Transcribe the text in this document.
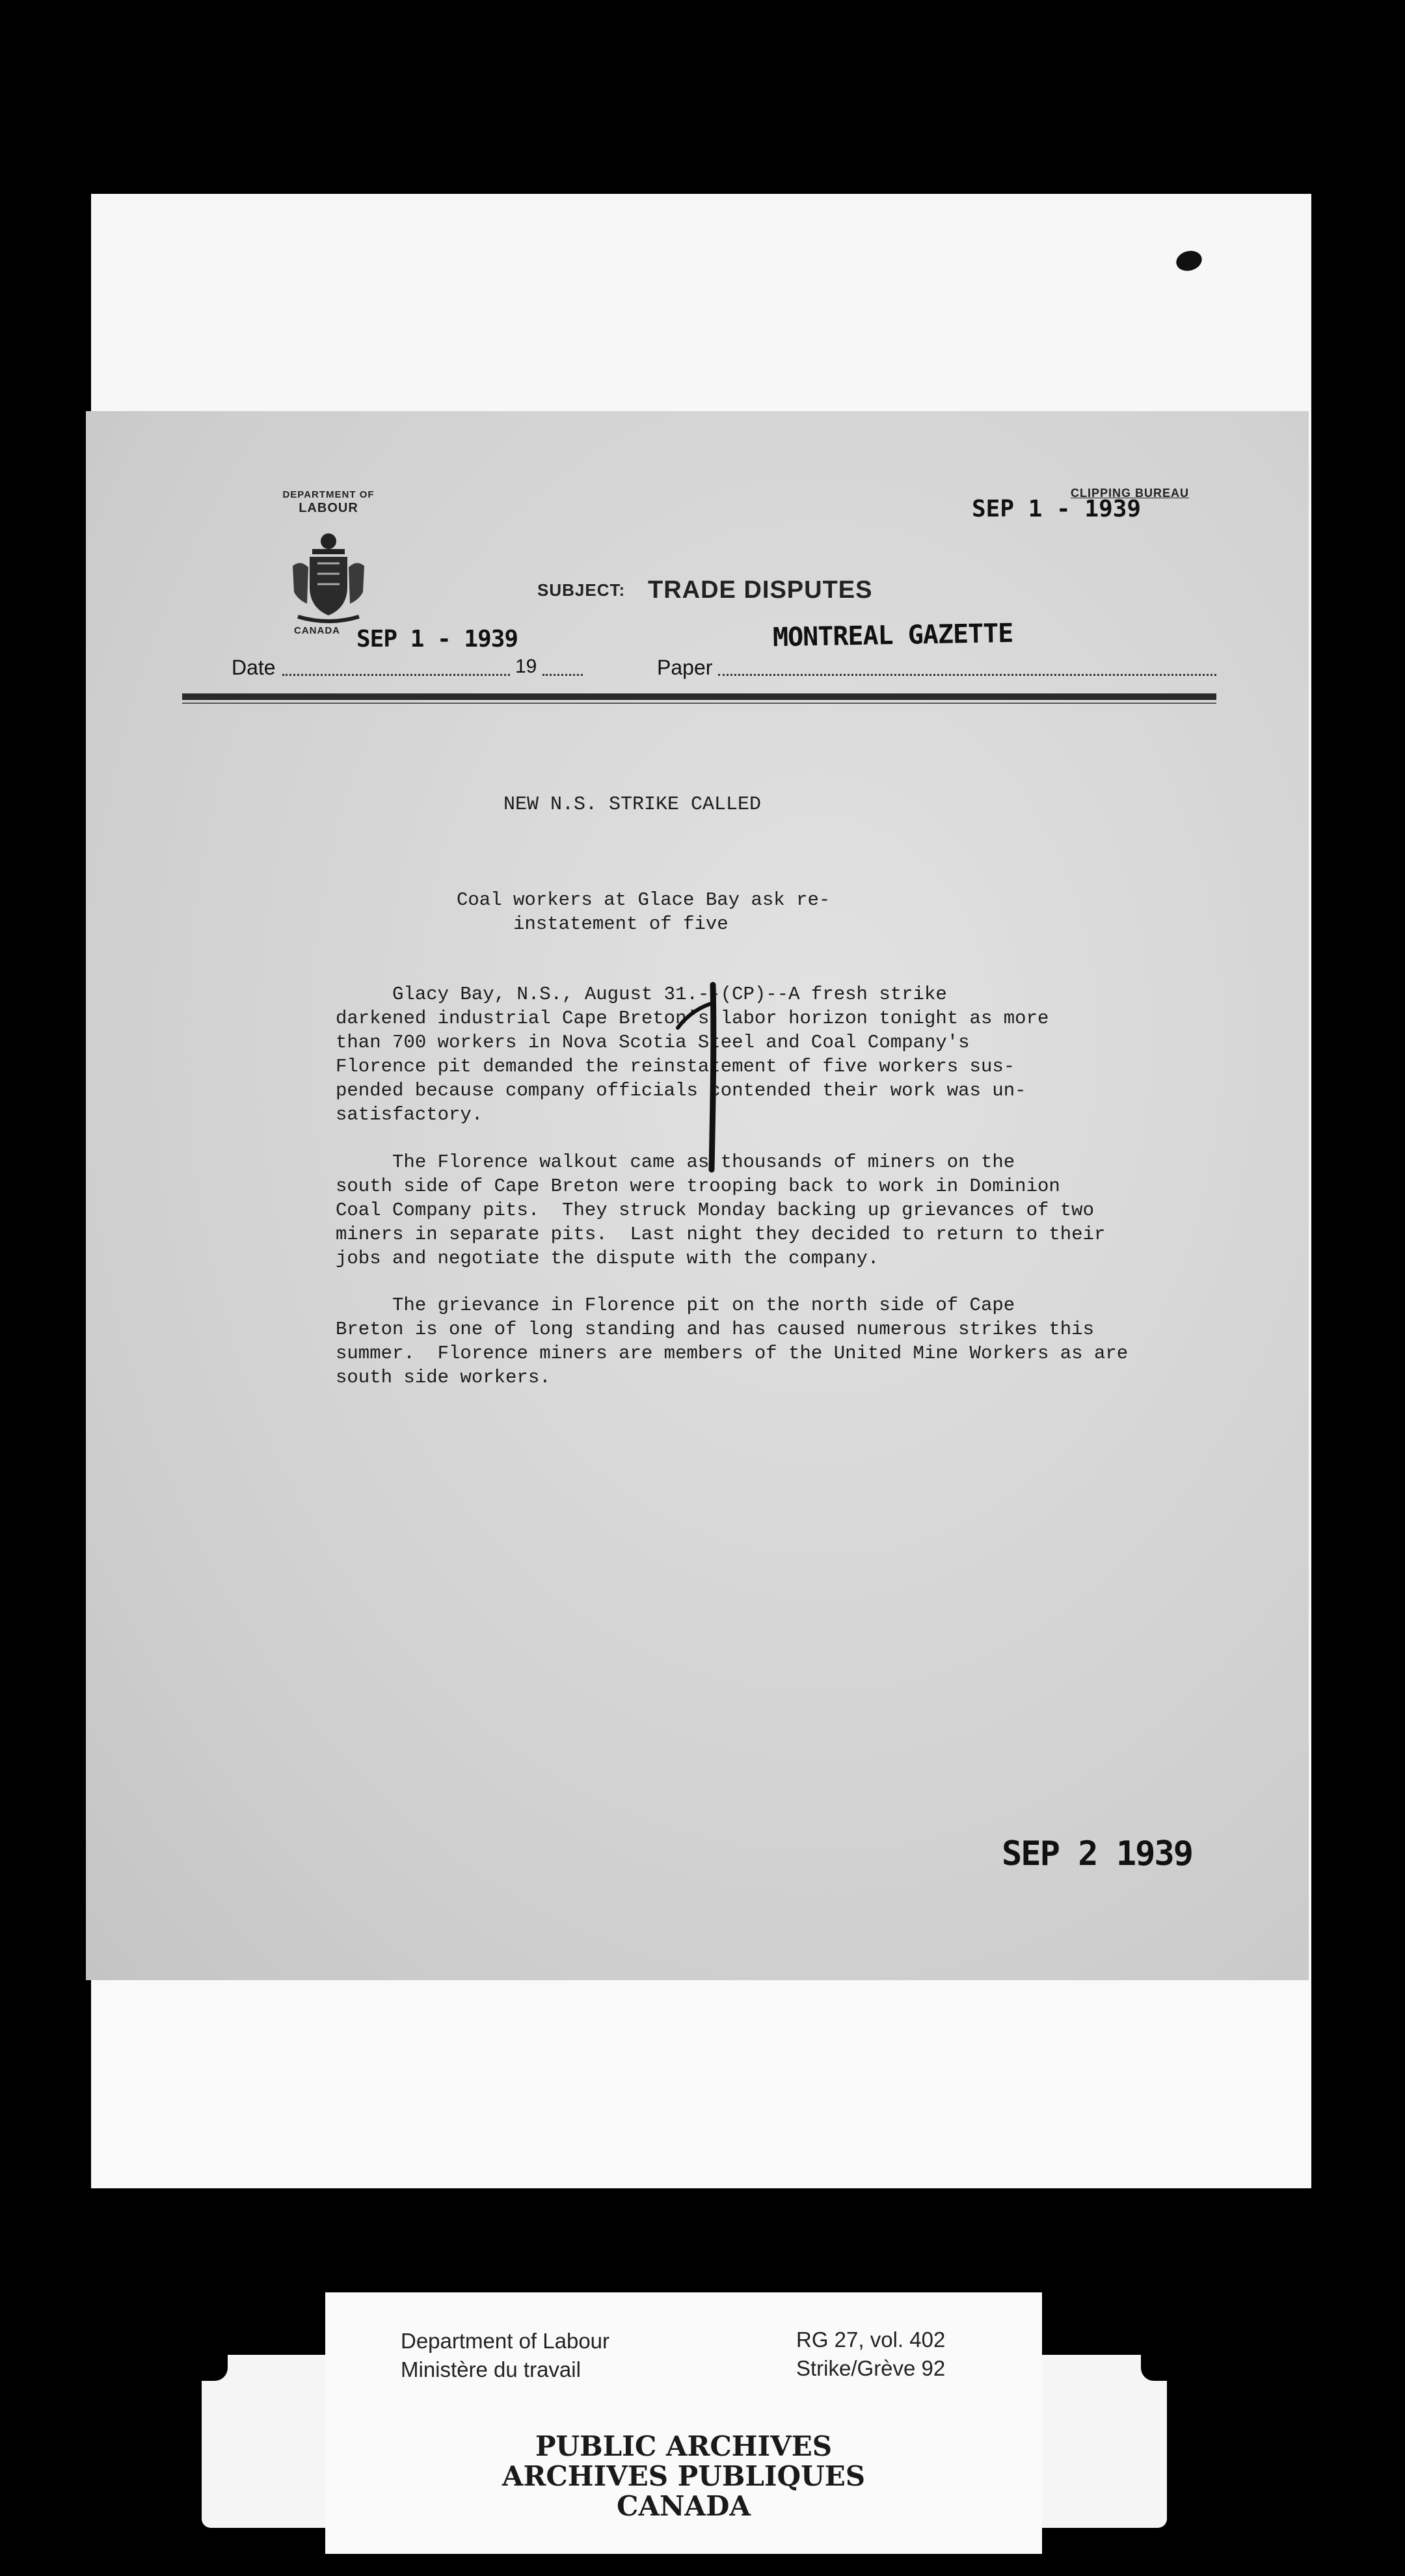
DEPARTMENT OF
LABOUR
CANADA SEP 1 - 1939
Date	19
SUBJECT: TRADE DISPUTES
Paper
MONTREAL GAZETTE
SEP 1 - 1939
CLIPPING BUREAU
NEW N.S. STRIKE CALLED
Coal workers at Glace Bay ask re-
instatement of five
Glacy Bay, N.S., August 31.--(CP)--A fresh strike
darkened industrial Cape Breton's labor horizon tonight as more
than 700 workers in Nova Scotia Steel and Coal Company's
Florence pit demanded the reinstatement of five workers sus-
pended because company officials contended their work was un-
satisfactory.
The Florence walkout came as thousands of miners on the
south side of Cape Breton were trooping back to work in Dominion
Coal Company pits.  They struck Monday backing up grievances of two
miners in separate pits.  Last night they decided to return to their
jobs and negotiate the dispute with the company.
The grievance in Florence pit on the north side of Cape
Breton is one of long standing and has caused numerous strikes this
summer.  Florence miners are members of the United Mine Workers as are
south side workers.
SEP 2 1939
Department of Labour
Ministère du travail
RG 27, vol. 402
Strike/Grève 92
PUBLIC ARCHIVES
ARCHIVES PUBLIQUES
CANADA
